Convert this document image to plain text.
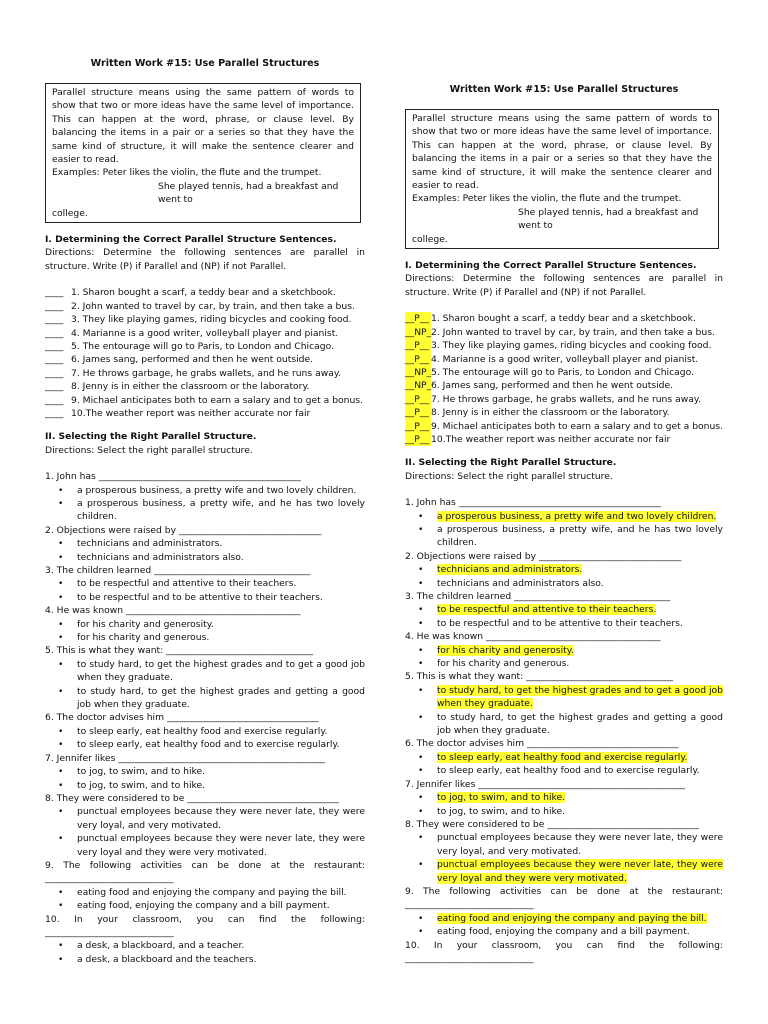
Written Work #15: Use Parallel Structures
Parallel structure means using the same pattern of words to show that two or more ideas have the same level of importance. This can happen at the word, phrase, or clause level. By balancing the items in a pair or a series so that they have the same kind of structure, it will make the sentence clearer and easier to read.
Examples: Peter likes the violin, the flute and the trumpet.
She played tennis, had a breakfast and went to
college.
I. Determining the Correct Parallel Structure Sentences.
Directions: Determine the following sentences are parallel in structure. Write (P) if Parallel and (NP) if not Parallel.
____ 1. Sharon bought a scarf, a teddy bear and a sketchbook.
____ 2. John wanted to travel by car, by train, and then take a bus.
____ 3. They like playing games, riding bicycles and cooking food.
____ 4. Marianne is a good writer, volleyball player and pianist.
____ 5. The entourage will go to Paris, to London and Chicago.
____ 6. James sang, performed and then he went outside.
____ 7. He throws garbage, he grabs wallets, and he runs away.
____ 8. Jenny is in either the classroom or the laboratory.
____ 9. Michael anticipates both to earn a salary and to get a bonus.
____ 10.The weather report was neither accurate nor fair
II. Selecting the Right Parallel Structure.
Directions: Select the right parallel structure.
1. John has ____________________________________________
• a prosperous business, a pretty wife and two lovely children.
• a prosperous business, a pretty wife, and he has two lovely children.
2. Objections were raised by _______________________________
• technicians and administrators.
• technicians and administrators also.
3. The children learned __________________________________
• to be respectful and attentive to their teachers.
• to be respectful and to be attentive to their teachers.
4. He was known ______________________________________
• for his charity and generosity.
• for his charity and generous.
5. This is what they want: ________________________________
• to study hard, to get the highest grades and to get a good job when they graduate.
• to study hard, to get the highest grades and getting a good job when they graduate.
6. The doctor advises him _________________________________
• to sleep early, eat healthy food and exercise regularly.
• to sleep early, eat healthy food and to exercise regularly.
7. Jennifer likes _____________________________________________
• to jog, to swim, and to hike.
• to jog, to swim, and to hike.
8. They were considered to be _________________________________
• punctual employees because they were never late, they were very loyal, and very motivated.
• punctual employees because they were never late, they were very loyal and they were very motivated.
9. The following activities can be done at the restaurant: ____________________________
• eating food and enjoying the company and paying the bill.
• eating food, enjoying the company and a bill payment.
10. In your classroom, you can find the following: ____________________________
• a desk, a blackboard, and a teacher.
• a desk, a blackboard and the teachers.
Written Work #15: Use Parallel Structures
Parallel structure means using the same pattern of words to show that two or more ideas have the same level of importance. This can happen at the word, phrase, or clause level. By balancing the items in a pair or a series so that they have the same kind of structure, it will make the sentence clearer and easier to read.
Examples: Peter likes the violin, the flute and the trumpet.
She played tennis, had a breakfast and went to
college.
I. Determining the Correct Parallel Structure Sentences.
Directions: Determine the following sentences are parallel in structure. Write (P) if Parallel and (NP) if not Parallel.
__P__ 1. Sharon bought a scarf, a teddy bear and a sketchbook.
__NP_2. John wanted to travel by car, by train, and then take a bus.
__P__ 3. They like playing games, riding bicycles and cooking food.
__P__ 4. Marianne is a good writer, volleyball player and pianist.
__NP_5. The entourage will go to Paris, to London and Chicago.
__NP_6. James sang, performed and then he went outside.
__P__ 7. He throws garbage, he grabs wallets, and he runs away.
__P__ 8. Jenny is in either the classroom or the laboratory.
__P__ 9. Michael anticipates both to earn a salary and to get a bonus.
__P__ 10.The weather report was neither accurate nor fair
II. Selecting the Right Parallel Structure.
Directions: Select the right parallel structure.
1. John has ____________________________________________
• a prosperous business, a pretty wife and two lovely children.
• a prosperous business, a pretty wife, and he has two lovely children.
2. Objections were raised by _______________________________
• technicians and administrators.
• technicians and administrators also.
3. The children learned __________________________________
• to be respectful and attentive to their teachers.
• to be respectful and to be attentive to their teachers.
4. He was known ______________________________________
• for his charity and generosity.
• for his charity and generous.
5. This is what they want: ________________________________
• to study hard, to get the highest grades and to get a good job when they graduate.
• to study hard, to get the highest grades and getting a good job when they graduate.
6. The doctor advises him _________________________________
• to sleep early, eat healthy food and exercise regularly.
• to sleep early, eat healthy food and to exercise regularly.
7. Jennifer likes _____________________________________________
• to jog, to swim, and to hike.
• to jog, to swim, and to hike.
8. They were considered to be _________________________________
• punctual employees because they were never late, they were very loyal, and very motivated.
• punctual employees because they were never late, they were very loyal and they were very motivated.
9. The following activities can be done at the restaurant: ____________________________
• eating food and enjoying the company and paying the bill.
• eating food, enjoying the company and a bill payment.
10. In your classroom, you can find the following: ____________________________
